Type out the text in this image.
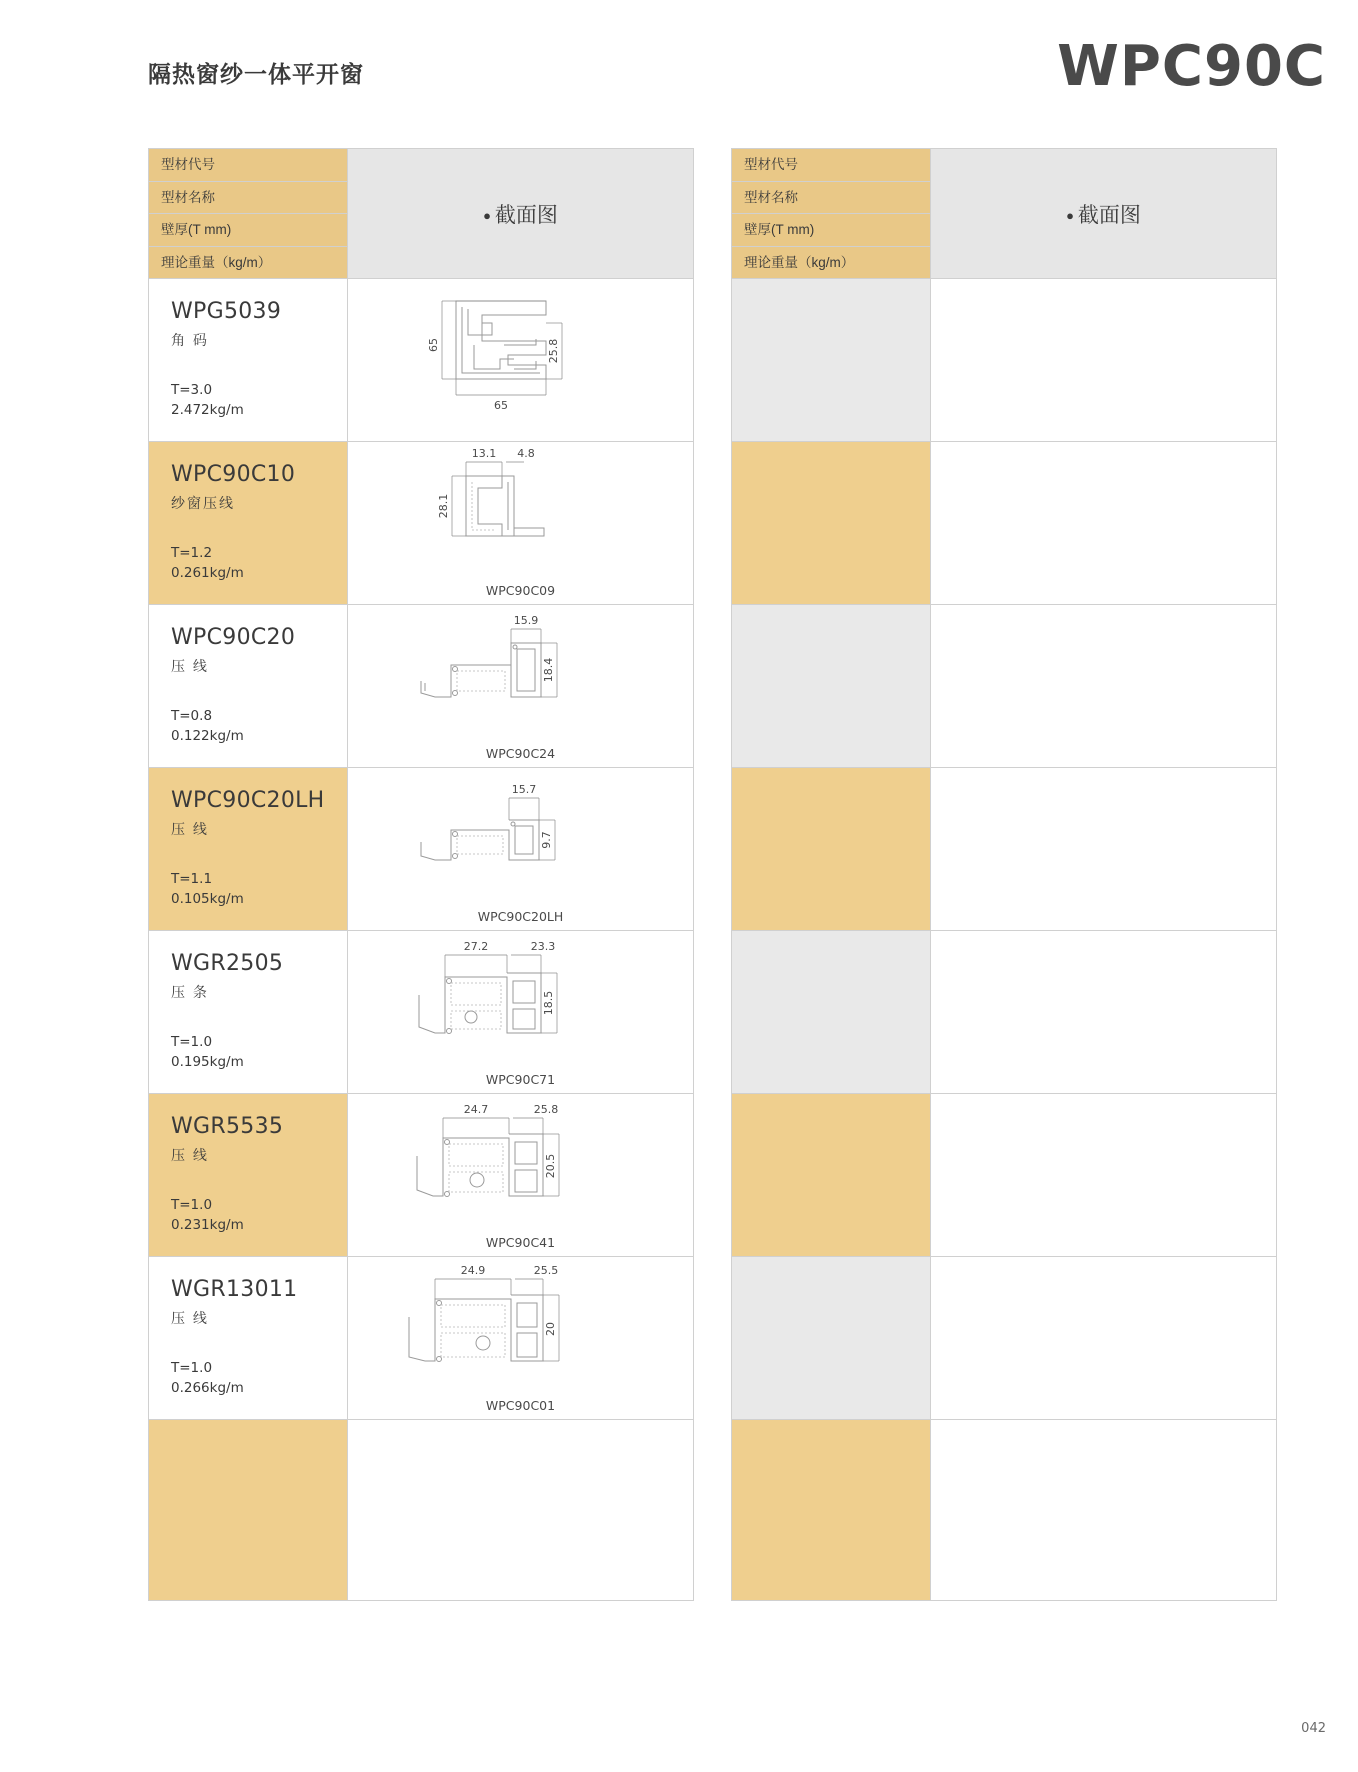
隔热窗纱一体平开窗	WPC90C
型材代号	● 截面图
型材名称	
壁厚(T mm)	
理论重量（kg/m）	

WPG5039
角 码
T=3.0
2.472kg/m

65	25.8
65

WPC90C10
纱窗压线
T=1.2
0.261kg/m

13.1 4.8
28.1
WPC90C09

WPC90C20
压 线
T=0.8
0.122kg/m

15.9
18.4
WPC90C24

WPC90C20LH
压 线
T=1.1
0.105kg/m

15.7
9.7
WPC90C20LH

WGR2505
压 条
T=1.0
0.195kg/m

27.2	23.3
18.5
WPC90C71

WGR5535
压 线
T=1.0
0.231kg/m

24.7	25.8
20.5
WPC90C41

WGR13011
压 线
T=1.0
0.266kg/m

24.9	25.5
20
WPC90C01

型材代号	● 截面图
型材名称	
壁厚(T mm)	
理论重量（kg/m）	

042
